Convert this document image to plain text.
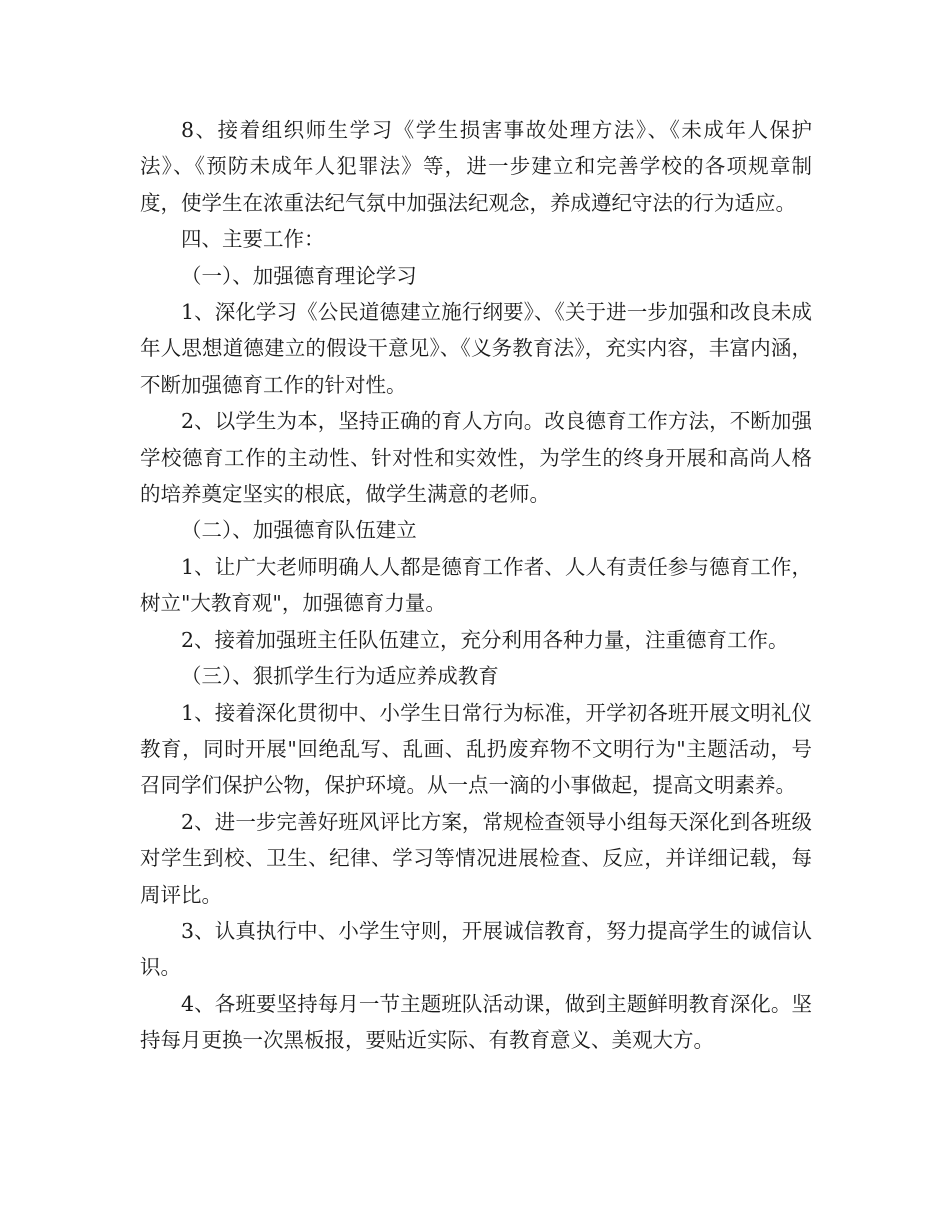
8、接着组织师生学习《学生损害事故处理方法》、《未成年人保护法》、《预防未成年人犯罪法》等，进一步建立和完善学校的各项规章制度，使学生在浓重法纪气氛中加强法纪观念，养成遵纪守法的行为适应。

四、主要工作：

（一）、加强德育理论学习

1、深化学习《公民道德建立施行纲要》、《关于进一步加强和改良未成年人思想道德建立的假设干意见》、《义务教育法》，充实内容，丰富内涵，不断加强德育工作的针对性。

2、以学生为本，坚持正确的育人方向。改良德育工作方法，不断加强学校德育工作的主动性、针对性和实效性，为学生的终身开展和高尚人格的培养奠定坚实的根底，做学生满意的老师。

（二）、加强德育队伍建立

1、让广大老师明确人人都是德育工作者、人人有责任参与德育工作，树立"大教育观"，加强德育力量。

2、接着加强班主任队伍建立，充分利用各种力量，注重德育工作。

（三）、狠抓学生行为适应养成教育

1、接着深化贯彻中、小学生日常行为标准，开学初各班开展文明礼仪教育，同时开展"回绝乱写、乱画、乱扔废弃物不文明行为"主题活动，号召同学们保护公物，保护环境。从一点一滴的小事做起，提高文明素养。

2、进一步完善好班风评比方案，常规检查领导小组每天深化到各班级对学生到校、卫生、纪律、学习等情况进展检查、反应，并详细记载，每周评比。

3、认真执行中、小学生守则，开展诚信教育，努力提高学生的诚信认识。

4、各班要坚持每月一节主题班队活动课，做到主题鲜明教育深化。坚持每月更换一次黑板报，要贴近实际、有教育意义、美观大方。
